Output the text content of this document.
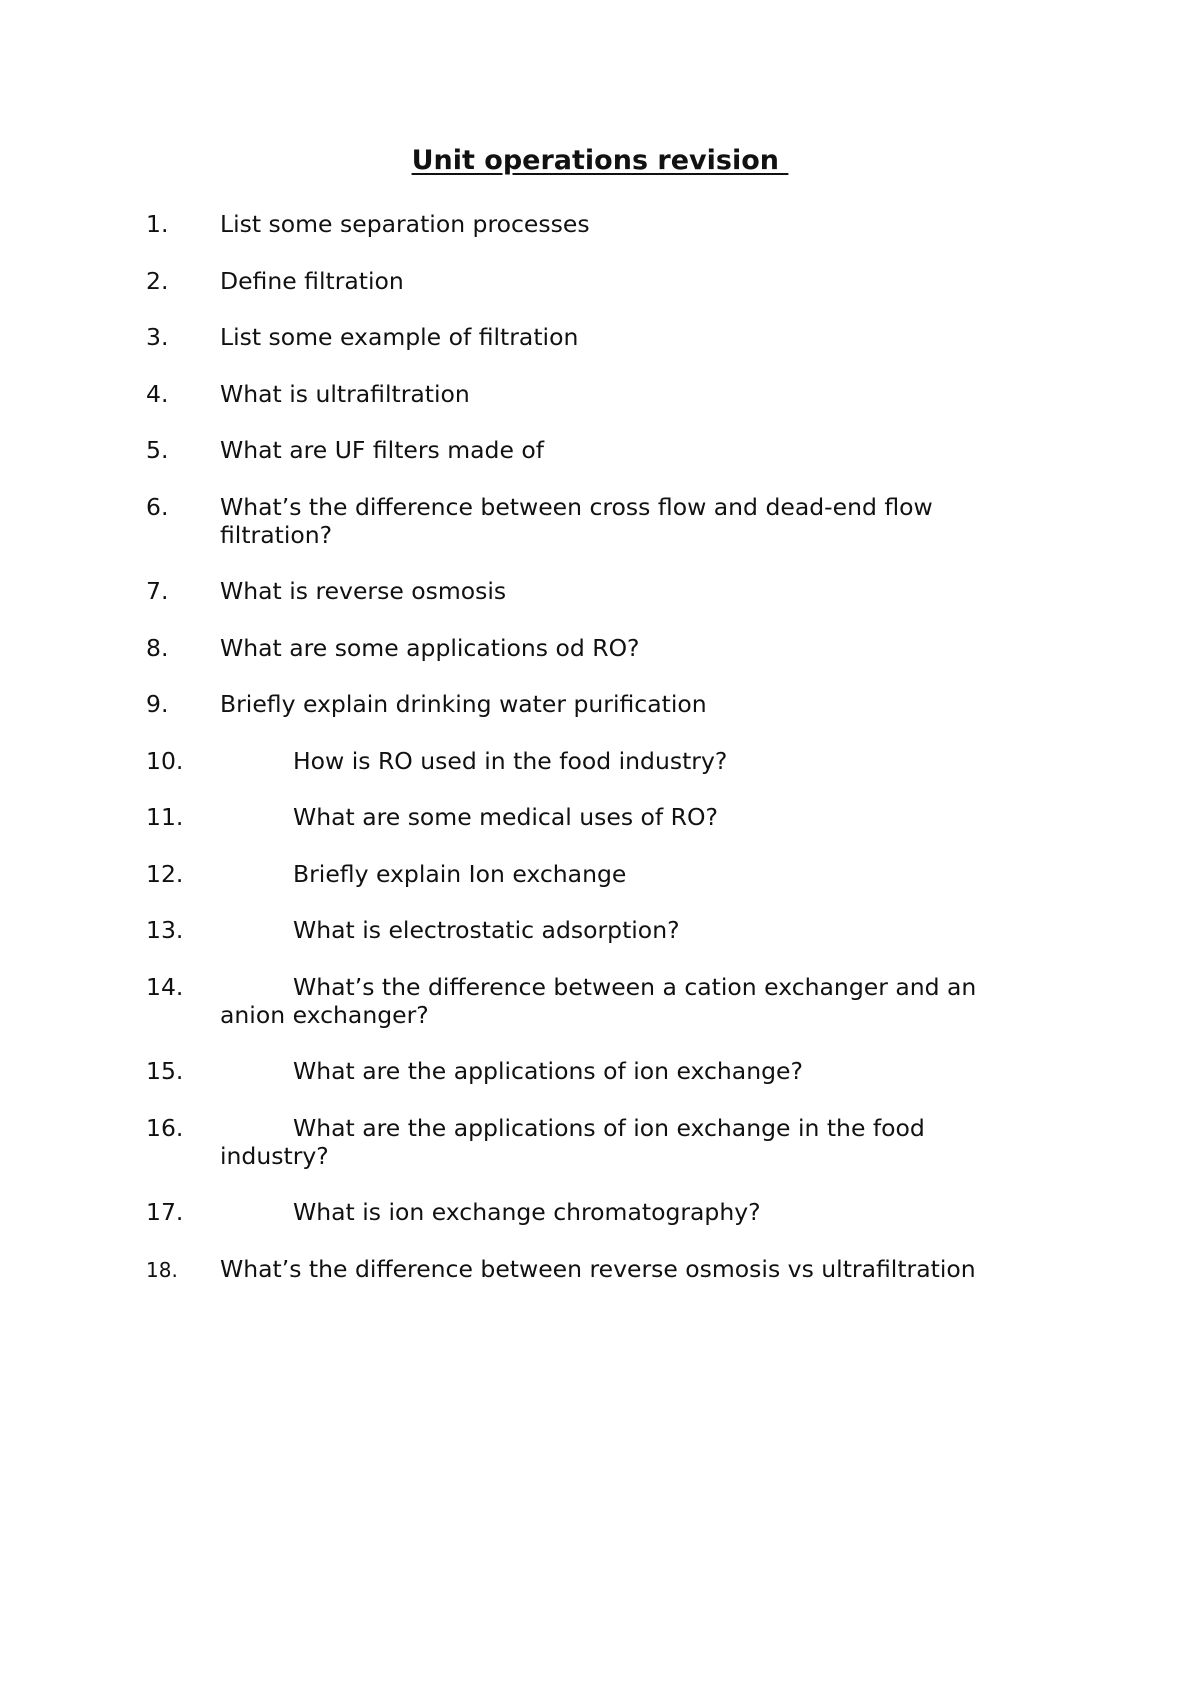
Unit operations revision
1. List some separation processes
2. Define filtration
3. List some example of filtration
4. What is ultrafiltration
5. What are UF filters made of
6. What’s the difference between cross flow and dead-end flow filtration?
7. What is reverse osmosis
8. What are some applications od RO?
9. Briefly explain drinking water purification
10.	How is RO used in the food industry?
11.	What are some medical uses of RO?
12.	Briefly explain Ion exchange
13.	What is electrostatic adsorption?
14.	What’s the difference between a cation exchanger and an anion exchanger?
15.	What are the applications of ion exchange?
16.	What are the applications of ion exchange in the food industry?
17.	What is ion exchange chromatography?
18. What’s the difference between reverse osmosis vs ultrafiltration
